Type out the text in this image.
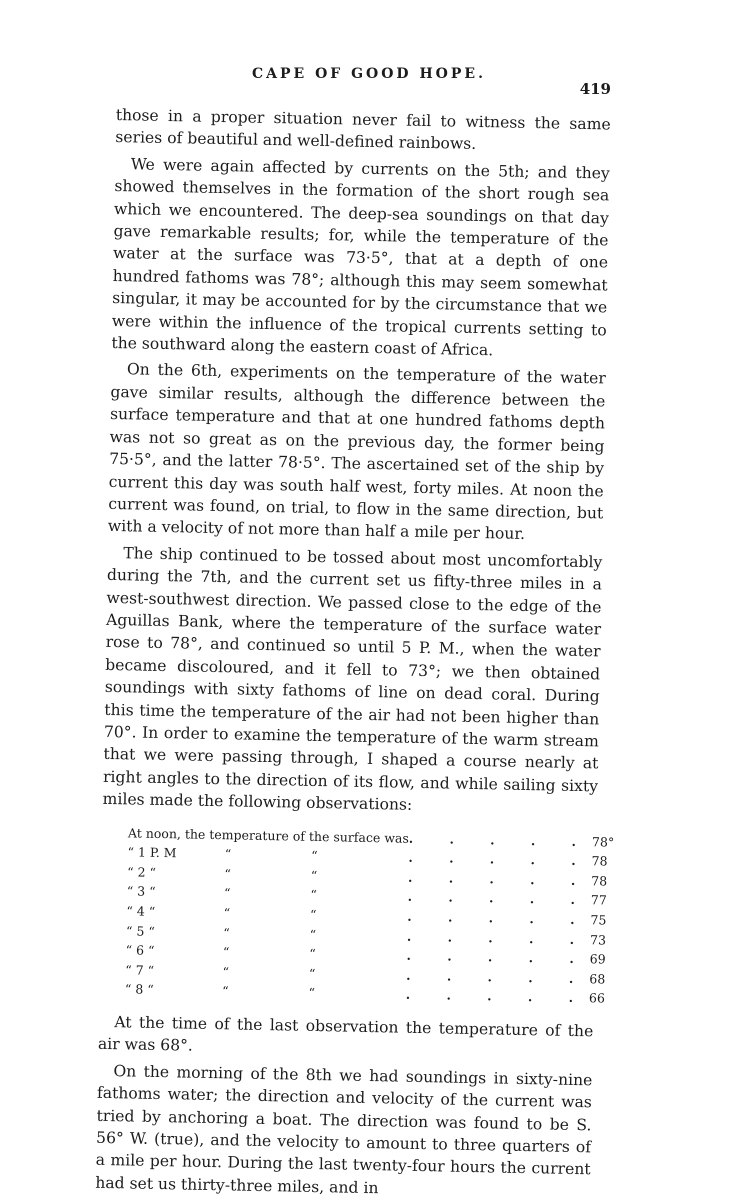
CAPE OF GOOD HOPE.
419

those in a proper situation never fail to witness the same series of beautiful and well-defined rainbows.

We were again affected by currents on the 5th; and they showed themselves in the formation of the short rough sea which we encountered. The deep-sea soundings on that day gave remarkable results; for, while the temperature of the water at the surface was 73·5°, that at a depth of one hundred fathoms was 78°; although this may seem somewhat singular, it may be accounted for by the circumstance that we were within the influence of the tropical currents setting to the southward along the eastern coast of Africa.

On the 6th, experiments on the temperature of the water gave similar results, although the difference between the surface temperature and that at one hundred fathoms depth was not so great as on the previous day, the former being 75·5°, and the latter 78·5°. The ascertained set of the ship by current this day was south half west, forty miles. At noon the current was found, on trial, to flow in the same direction, but with a velocity of not more than half a mile per hour.

The ship continued to be tossed about most uncomfortably during the 7th, and the current set us fifty-three miles in a west-southwest direction. We passed close to the edge of the Aguillas Bank, where the temperature of the surface water rose to 78°, and continued so until 5 P. M., when the water became discoloured, and it fell to 73°; we then obtained soundings with sixty fathoms of line on dead coral. During this time the temperature of the air had not been higher than 70°. In order to examine the temperature of the warm stream that we were passing through, I shaped a course nearly at right angles to the direction of its flow, and while sailing sixty miles made the following observations:

At noon, the temperature of the surface was			. . . . .	78°
“ 1 P. M	“	“	. . . . .	78
“ 2 “	“	“	. . . . .	78
“ 3 “	“	“	. . . . .	77
“ 4 “	“	“	. . . . .	75
“ 5 “	“	“	. . . . .	73
“ 6 “	“	“	. . . . .	69
“ 7 “	“	“	. . . . .	68
“ 8 “	“	“	. . . . .	66

At the time of the last observation the temperature of the air was 68°.

On the morning of the 8th we had soundings in sixty-nine fathoms water; the direction and velocity of the current was tried by anchoring a boat. The direction was found to be S. 56° W. (true), and the velocity to amount to three quarters of a mile per hour. During the last twenty-four hours the current had set us thirty-three miles, and in
